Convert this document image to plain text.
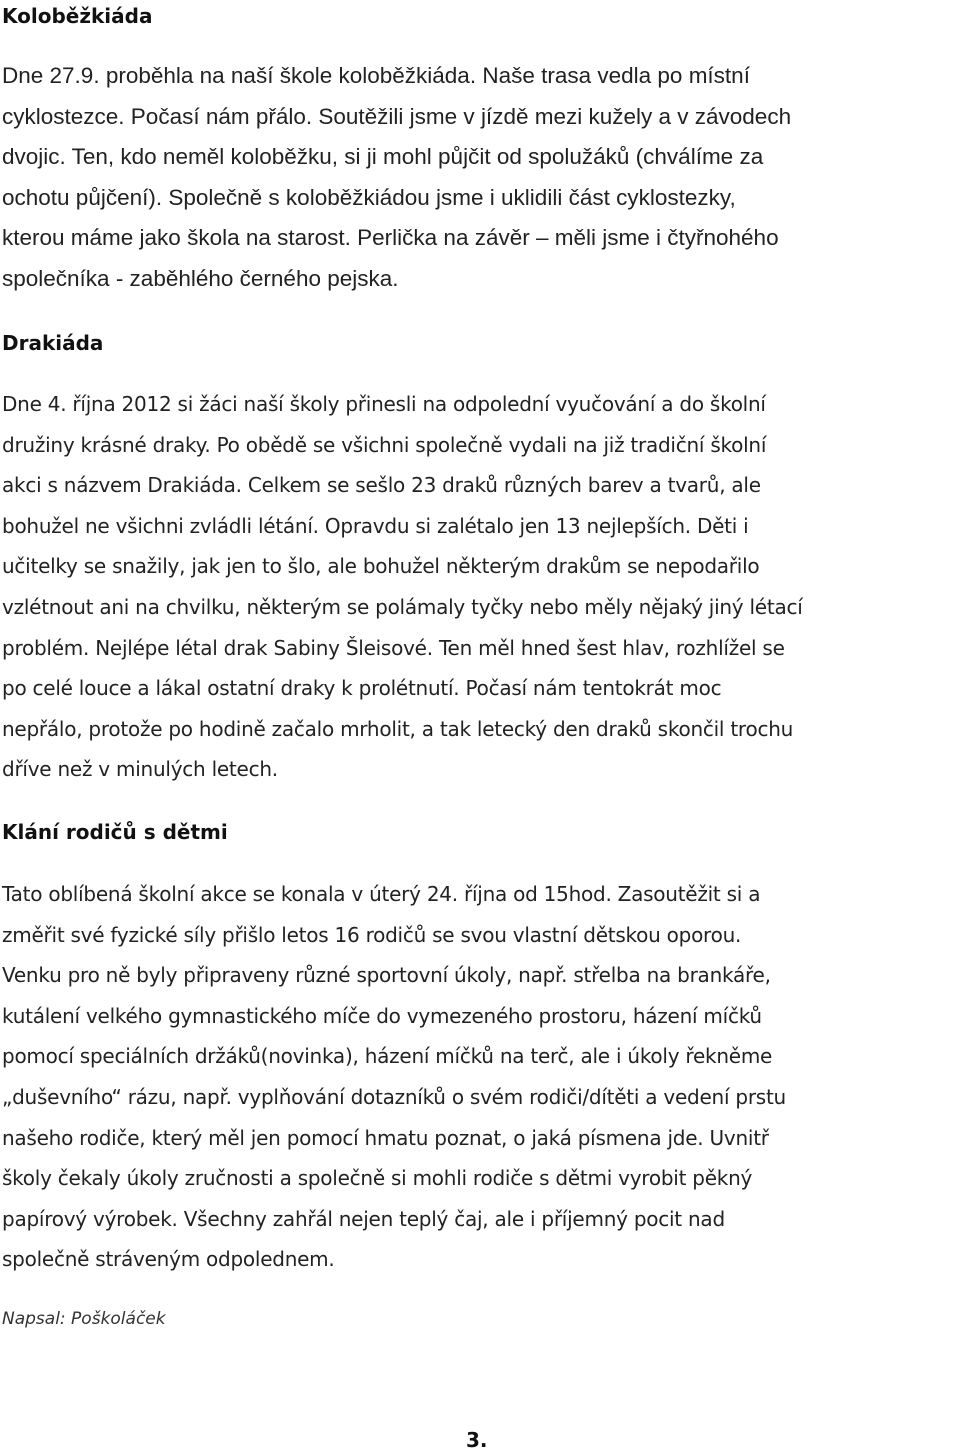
Koloběžkiáda
Dne 27.9. proběhla na naší škole koloběžkiáda. Naše trasa vedla po místní
cyklostezce. Počasí nám přálo. Soutěžili jsme v jízdě mezi kužely a v závodech
dvojic. Ten, kdo neměl koloběžku, si ji mohl půjčit od spolužáků (chválíme za
ochotu půjčení). Společně s koloběžkiádou jsme i uklidili část cyklostezky,
kterou máme jako škola na starost. Perlička na závěr – měli jsme i čtyřnohého
společníka - zaběhlého černého pejska.
Drakiáda
Dne 4. října 2012 si žáci naší školy přinesli na odpolední vyučování a do školní
družiny krásné draky. Po obědě se všichni společně vydali na již tradiční školní
akci s názvem Drakiáda. Celkem se sešlo 23 draků různých barev a tvarů, ale
bohužel ne všichni zvládli létání. Opravdu si zalétalo jen 13 nejlepších. Děti i
učitelky se snažily, jak jen to šlo, ale bohužel některým drakům se nepodařilo
vzlétnout ani na chvilku, některým se polámaly tyčky nebo měly nějaký jiný létací
problém. Nejlépe létal drak Sabiny Šleisové. Ten měl hned šest hlav, rozhlížel se
po celé louce a lákal ostatní draky k prolétnutí. Počasí nám tentokrát moc
nepřálo, protože po hodině začalo mrholit, a tak letecký den draků skončil trochu
dříve než v minulých letech.
Klání rodičů s dětmi
Tato oblíbená školní akce se konala v úterý 24. října od 15hod. Zasoutěžit si a
změřit své fyzické síly přišlo letos 16 rodičů se svou vlastní dětskou oporou.
Venku pro ně byly připraveny různé sportovní úkoly, např. střelba na brankáře,
kutálení velkého gymnastického míče do vymezeného prostoru, házení míčků
pomocí speciálních držáků(novinka), házení míčků na terč, ale i úkoly řekněme
„duševního“ rázu, např. vyplňování dotazníků o svém rodiči/dítěti a vedení prstu
našeho rodiče, který měl jen pomocí hmatu poznat, o jaká písmena jde. Uvnitř
školy čekaly úkoly zručnosti a společně si mohli rodiče s dětmi vyrobit pěkný
papírový výrobek. Všechny zahřál nejen teplý čaj, ale i příjemný pocit nad
společně stráveným odpolednem.
Napsal: Poškoláček
3.
